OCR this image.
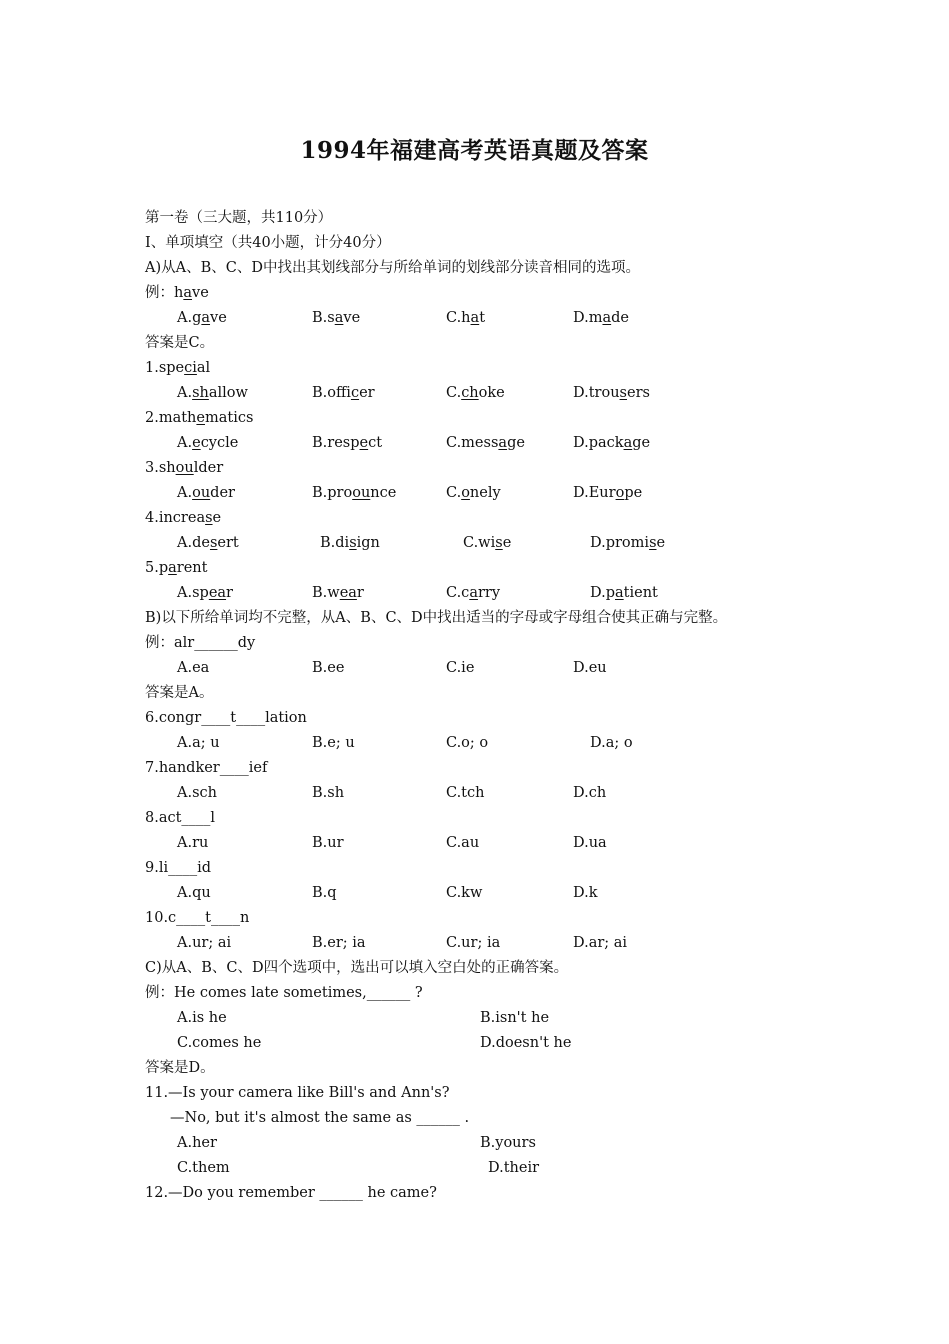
1994年福建高考英语真题及答案
第一卷（三大题，共110分）
I、单项填空（共40小题，计分40分）
A)从A、B、C、D中找出其划线部分与所给单词的划线部分读音相同的选项。
例：have
A.gave	B.save	C.hat	D.made
答案是C。
1.special
A.shallow	B.officer	C.choke	D.trousers
2.mathematics
A.ecycle	B.respect	C.message	D.package
3.shoulder
A.ouder	B.proounce	C.onely	D.Europe
4.increase
A.desert	B.disign	C.wise	D.promise
5.parent
A.spear	B.wear	C.carry	D.patient
B)以下所给单词均不完整，从A、B、C、D中找出适当的字母或字母组合使其正确与完整。
例：alr______dy
A.ea	B.ee	C.ie	D.eu
答案是A。
6.congr____t____lation
A.a; u	B.e; u	C.o; o	D.a; o
7.handker____ief
A.sch	B.sh	C.tch	D.ch
8.act____l
A.ru	B.ur	C.au	D.ua
9.li____id
A.qu	B.q	C.kw	D.k
10.c____t____n
A.ur; ai	B.er; ia	C.ur; ia	D.ar; ai
C)从A、B、C、D四个选项中，选出可以填入空白处的正确答案。
例：He comes late sometimes,______ ?
A.is he	B.isn't he
C.comes he	D.doesn't he
答案是D。
11.—Is your camera like Bill's and Ann's?
—No, but it's almost the same as ______ .
A.her	B.yours
C.them	D.their
12.—Do you remember ______ he came?
